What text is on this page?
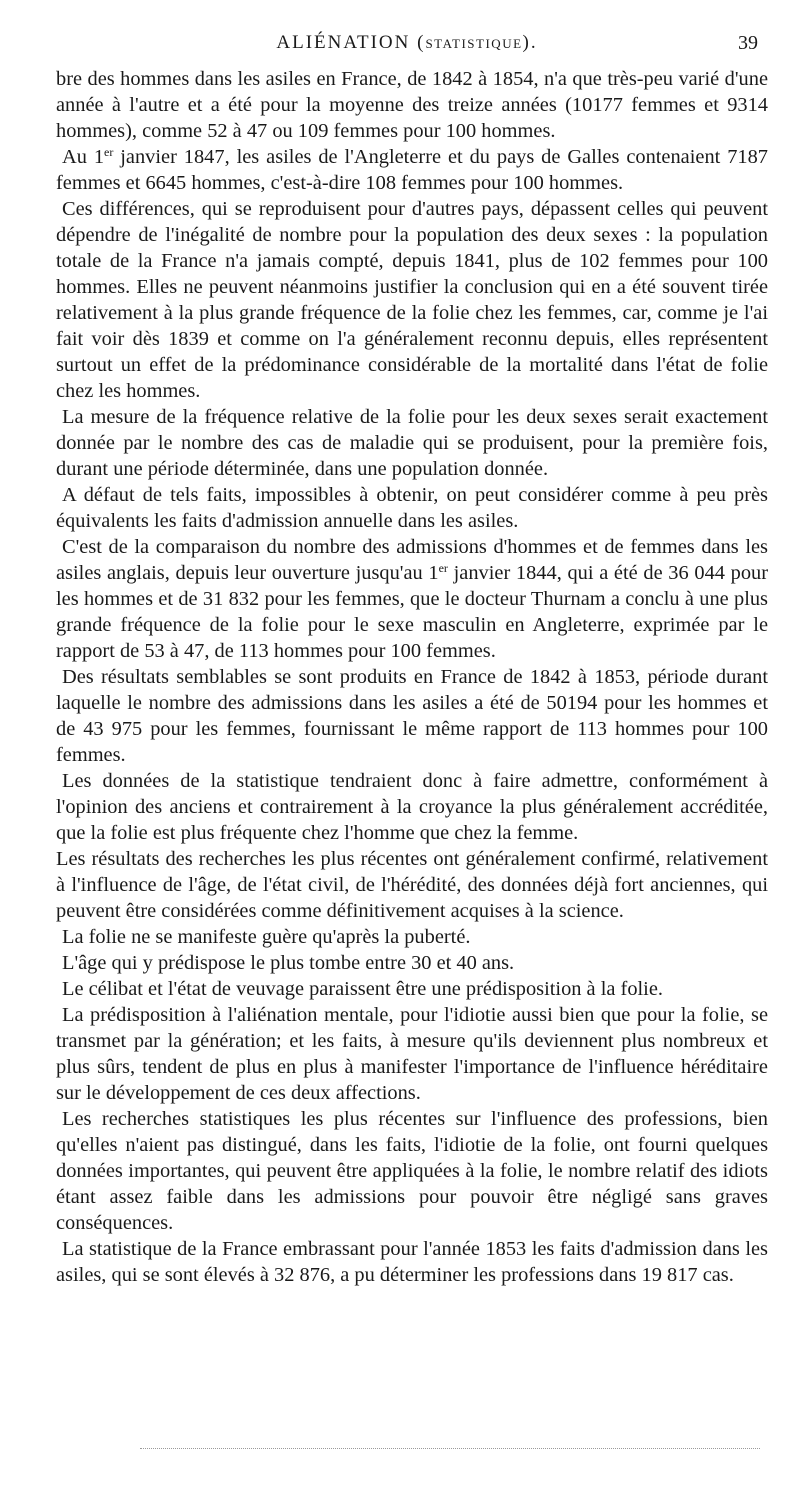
ALIÉNATION (STATISTIQUE).	39

bre des hommes dans les asiles en France, de 1842 à 1854, n'a que très-peu varié d'une année à l'autre et a été pour la moyenne des treize années (10177 femmes et 9314 hommes), comme 52 à 47 ou 109 femmes pour 100 hommes.

Au 1er janvier 1847, les asiles de l'Angleterre et du pays de Galles contenaient 7187 femmes et 6645 hommes, c'est-à-dire 108 femmes pour 100 hommes.

Ces différences, qui se reproduisent pour d'autres pays, dépassent celles qui peuvent dépendre de l'inégalité de nombre pour la population des deux sexes : la population totale de la France n'a jamais compté, depuis 1841, plus de 102 femmes pour 100 hommes. Elles ne peuvent néanmoins justifier la conclusion qui en a été souvent tirée relativement à la plus grande fréquence de la folie chez les femmes, car, comme je l'ai fait voir dès 1839 et comme on l'a généralement reconnu depuis, elles représentent surtout un effet de la prédominance considérable de la mortalité dans l'état de folie chez les hommes.

La mesure de la fréquence relative de la folie pour les deux sexes serait exactement donnée par le nombre des cas de maladie qui se produisent, pour la première fois, durant une période déterminée, dans une population donnée.

A défaut de tels faits, impossibles à obtenir, on peut considérer comme à peu près équivalents les faits d'admission annuelle dans les asiles.

C'est de la comparaison du nombre des admissions d'hommes et de femmes dans les asiles anglais, depuis leur ouverture jusqu'au 1er janvier 1844, qui a été de 36 044 pour les hommes et de 31 832 pour les femmes, que le docteur Thurnam a conclu à une plus grande fréquence de la folie pour le sexe masculin en Angleterre, exprimée par le rapport de 53 à 47, de 113 hommes pour 100 femmes.

Des résultats semblables se sont produits en France de 1842 à 1853, période durant laquelle le nombre des admissions dans les asiles a été de 50194 pour les hommes et de 43 975 pour les femmes, fournissant le même rapport de 113 hommes pour 100 femmes.

Les données de la statistique tendraient donc à faire admettre, conformément à l'opinion des anciens et contrairement à la croyance la plus généralement accréditée, que la folie est plus fréquente chez l'homme que chez la femme.

Les résultats des recherches les plus récentes ont généralement confirmé, relativement à l'influence de l'âge, de l'état civil, de l'hérédité, des données déjà fort anciennes, qui peuvent être considérées comme définitivement acquises à la science.

La folie ne se manifeste guère qu'après la puberté.

L'âge qui y prédispose le plus tombe entre 30 et 40 ans.

Le célibat et l'état de veuvage paraissent être une prédisposition à la folie.

La prédisposition à l'aliénation mentale, pour l'idiotie aussi bien que pour la folie, se transmet par la génération; et les faits, à mesure qu'ils deviennent plus nombreux et plus sûrs, tendent de plus en plus à manifester l'importance de l'influence héréditaire sur le développement de ces deux affections.

Les recherches statistiques les plus récentes sur l'influence des professions, bien qu'elles n'aient pas distingué, dans les faits, l'idiotie de la folie, ont fourni quelques données importantes, qui peuvent être appliquées à la folie, le nombre relatif des idiots étant assez faible dans les admissions pour pouvoir être négligé sans graves conséquences.

La statistique de la France embrassant pour l'année 1853 les faits d'admission dans les asiles, qui se sont élevés à 32 876, a pu déterminer les professions dans 19 817 cas.
